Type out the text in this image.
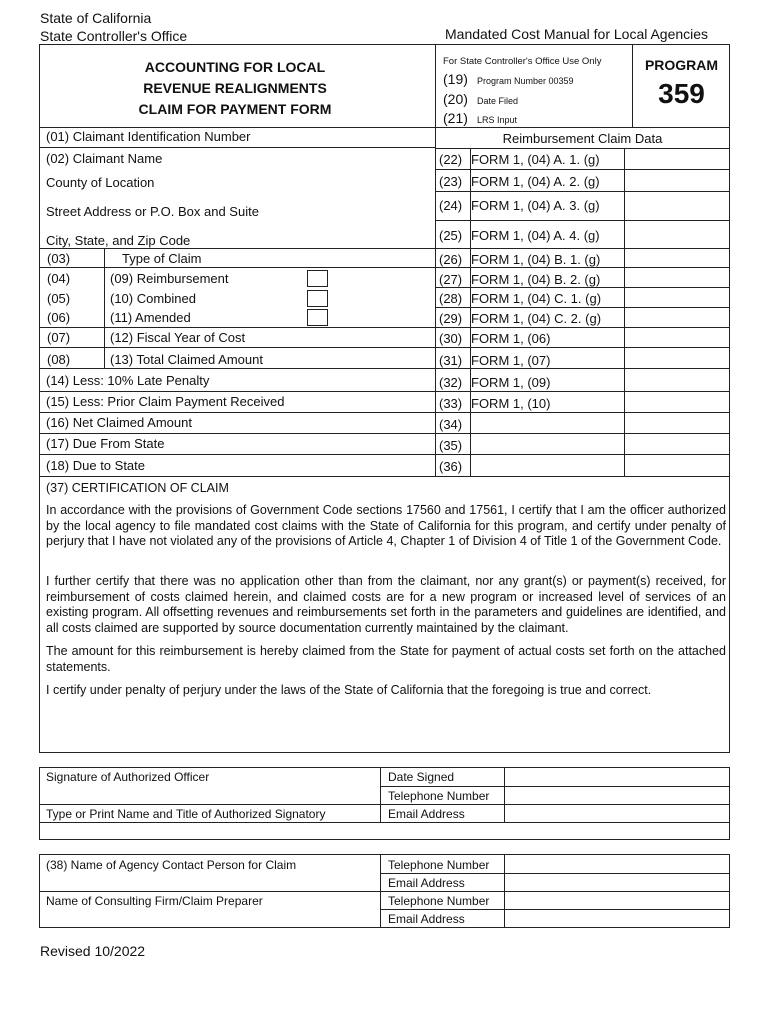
State of California
State Controller's Office	Mandated Cost Manual for Local Agencies
ACCOUNTING FOR LOCAL
REVENUE REALIGNMENTS
CLAIM FOR PAYMENT FORM
For State Controller's Office Use Only
(19) Program Number 00359
(20) Date Filed
(21) LRS Input
PROGRAM
359
Reimbursement Claim Data
(01) Claimant Identification Number
(02) Claimant Name
County of Location
Street Address or P.O. Box and Suite
City, State, and Zip Code
(03)	Type of Claim
(04)	(09) Reimbursement
(05)	(10) Combined
(06)	(11) Amended
(07)	(12) Fiscal Year of Cost
(08)	(13) Total Claimed Amount
(14) Less: 10% Late Penalty
(15) Less: Prior Claim Payment Received
(16) Net Claimed Amount
(17) Due From State
(18) Due to State
(22) FORM 1, (04) A. 1. (g)
(23) FORM 1, (04) A. 2. (g)
(24) FORM 1, (04) A. 3. (g)
(25) FORM 1, (04) A. 4. (g)
(26) FORM 1, (04) B. 1. (g)
(27) FORM 1, (04) B. 2. (g)
(28) FORM 1, (04) C. 1. (g)
(29) FORM 1, (04) C. 2. (g)
(30) FORM 1, (06)
(31) FORM 1, (07)
(32) FORM 1, (09)
(33) FORM 1, (10)
(34)
(35)
(36)
(37) CERTIFICATION OF CLAIM
In accordance with the provisions of Government Code sections 17560 and 17561, I certify that I am the officer authorized by the local agency to file mandated cost claims with the State of California for this program, and certify under penalty of perjury that I have not violated any of the provisions of Article 4, Chapter 1 of Division 4 of Title 1 of the Government Code.
I further certify that there was no application other than from the claimant, nor any grant(s) or payment(s) received, for reimbursement of costs claimed herein, and claimed costs are for a new program or increased level of services of an existing program. All offsetting revenues and reimbursements set forth in the parameters and guidelines are identified, and all costs claimed are supported by source documentation currently maintained by the claimant.
The amount for this reimbursement is hereby claimed from the State for payment of actual costs set forth on the attached statements.
I certify under penalty of perjury under the laws of the State of California that the foregoing is true and correct.
Signature of Authorized Officer	Date Signed
Telephone Number
Type or Print Name and Title of Authorized Signatory	Email Address
(38) Name of Agency Contact Person for Claim	Telephone Number
Email Address
Name of Consulting Firm/Claim Preparer	Telephone Number
Email Address
Revised 10/2022
